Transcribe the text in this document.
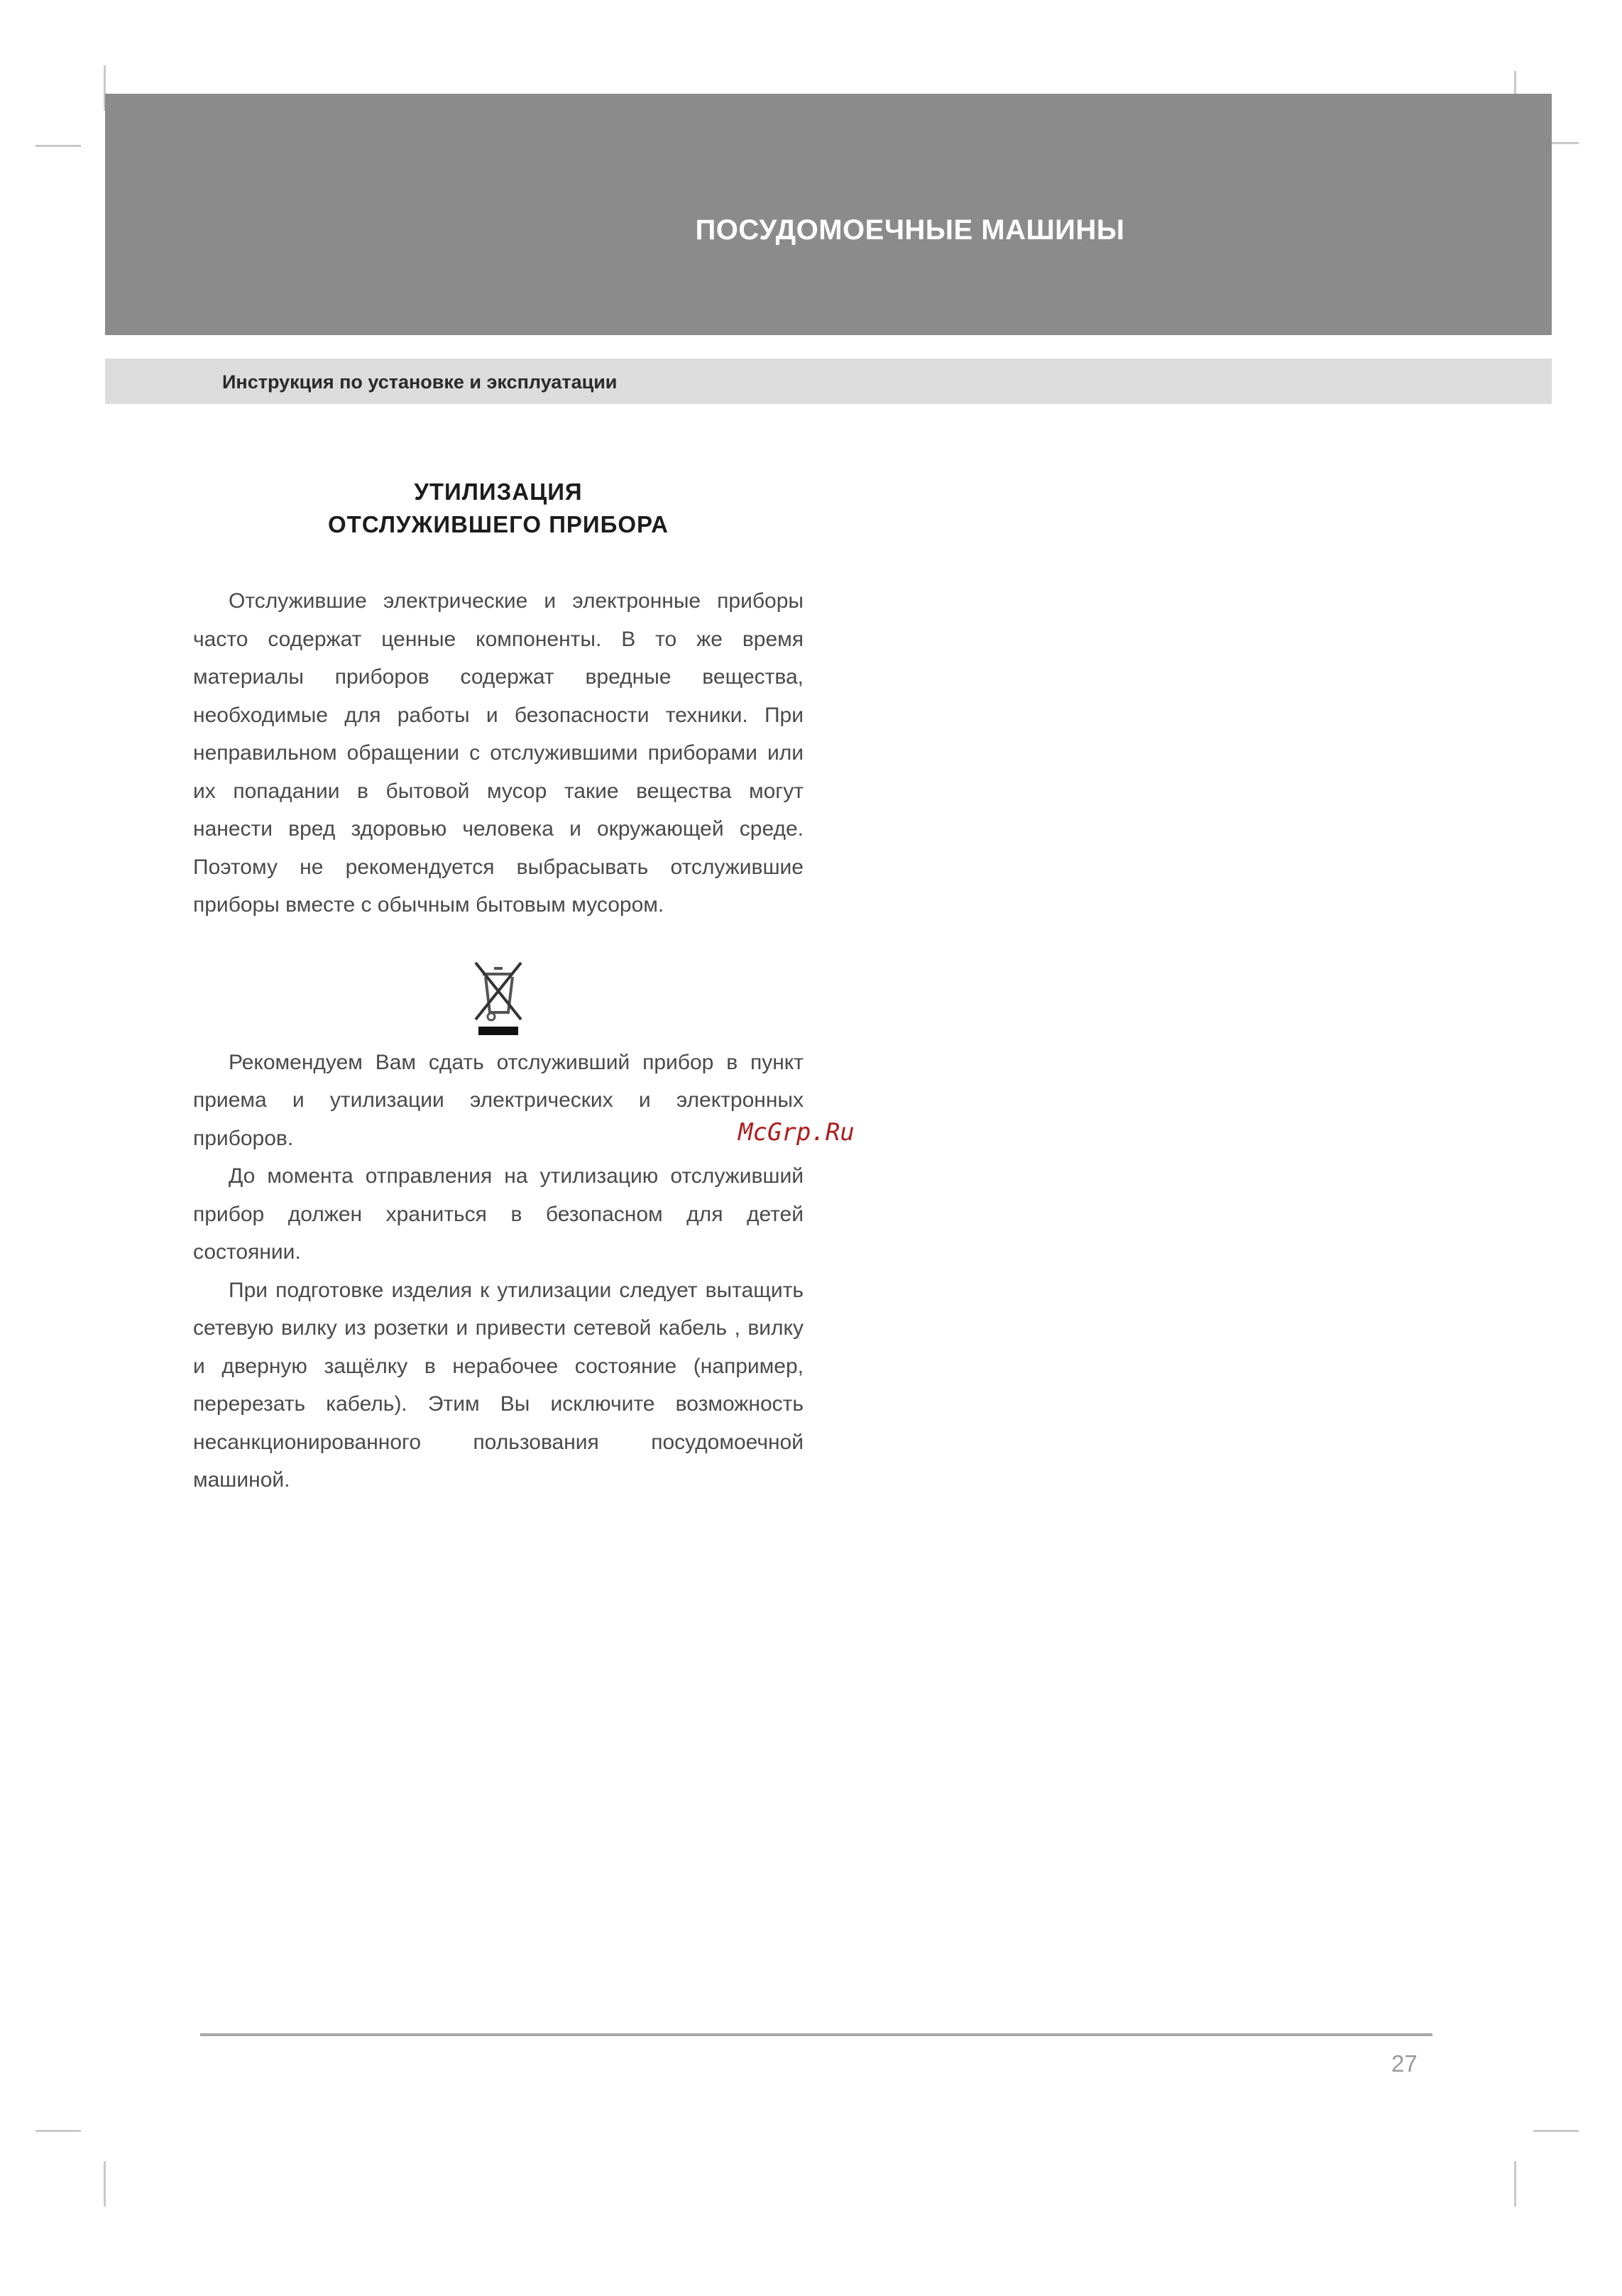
ПОСУДОМОЕЧНЫЕ МАШИНЫ
Инструкция по установке и эксплуатации
УТИЛИЗАЦИЯ
ОТСЛУЖИВШЕГО ПРИБОРА

Отслужившие электрические и электронные приборы часто содержат ценные компоненты. В то же время материалы приборов содержат вредные вещества, необходимые для работы и безопасности техники. При неправильном обращении с отслужившими приборами или их попадании в бытовой мусор такие вещества могут нанести вред здоровью человека и окружающей среде. Поэтому не рекомендуется выбрасывать отслужившие приборы вместе с обычным бытовым мусором.

Рекомендуем Вам сдать отслуживший прибор в пункт приема и утилизации электрических и электронных приборов.

До момента отправления на утилизацию отслуживший прибор должен храниться в безопасном для детей состоянии.

При подготовке изделия к утилизации следует вытащить сетевую вилку из розетки и привести сетевой кабель , вилку и дверную защёлку в нерабочее состояние (например, перерезать кабель). Этим Вы исключите возможность несанкционированного пользования посудомоечной машиной.

McGrp.Ru
27
